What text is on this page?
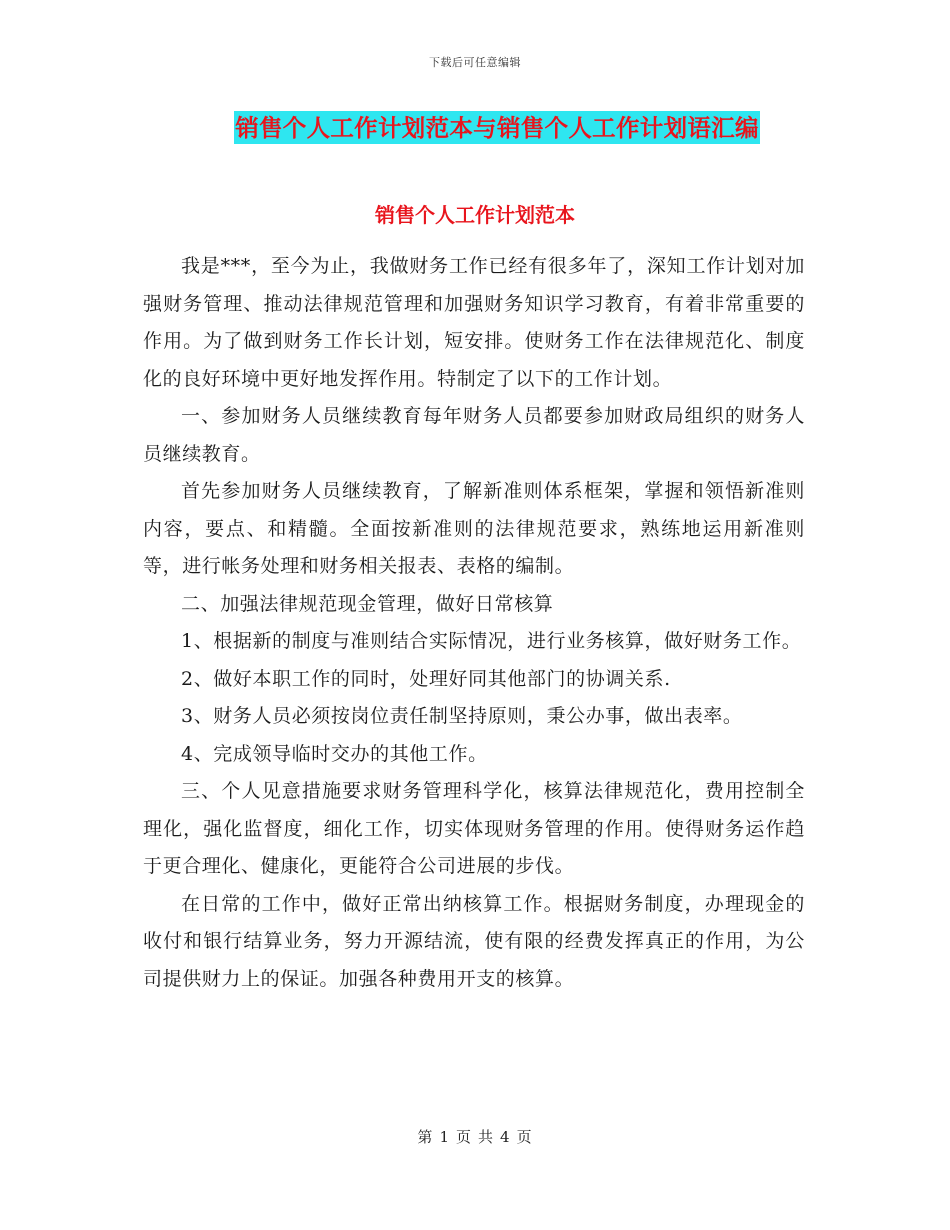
下载后可任意编辑
销售个人工作计划范本与销售个人工作计划语汇编
销售个人工作计划范本

我是***，至今为止，我做财务工作已经有很多年了，深知工作计划对加强财务管理、推动法律规范管理和加强财务知识学习教育，有着非常重要的作用。为了做到财务工作长计划，短安排。使财务工作在法律规范化、制度化的良好环境中更好地发挥作用。特制定了以下的工作计划。

一、参加财务人员继续教育每年财务人员都要参加财政局组织的财务人员继续教育。

首先参加财务人员继续教育，了解新准则体系框架，掌握和领悟新准则内容，要点、和精髓。全面按新准则的法律规范要求，熟练地运用新准则等，进行帐务处理和财务相关报表、表格的编制。

二、加强法律规范现金管理，做好日常核算

1、根据新的制度与准则结合实际情况，进行业务核算，做好财务工作。

2、做好本职工作的同时，处理好同其他部门的协调关系.

3、财务人员必须按岗位责任制坚持原则，秉公办事，做出表率。

4、完成领导临时交办的其他工作。

三、个人见意措施要求财务管理科学化，核算法律规范化，费用控制全理化，强化监督度，细化工作，切实体现财务管理的作用。使得财务运作趋于更合理化、健康化，更能符合公司进展的步伐。

在日常的工作中，做好正常出纳核算工作。根据财务制度，办理现金的收付和银行结算业务，努力开源结流，使有限的经费发挥真正的作用，为公司提供财力上的保证。加强各种费用开支的核算。

第 1 页 共 4 页
